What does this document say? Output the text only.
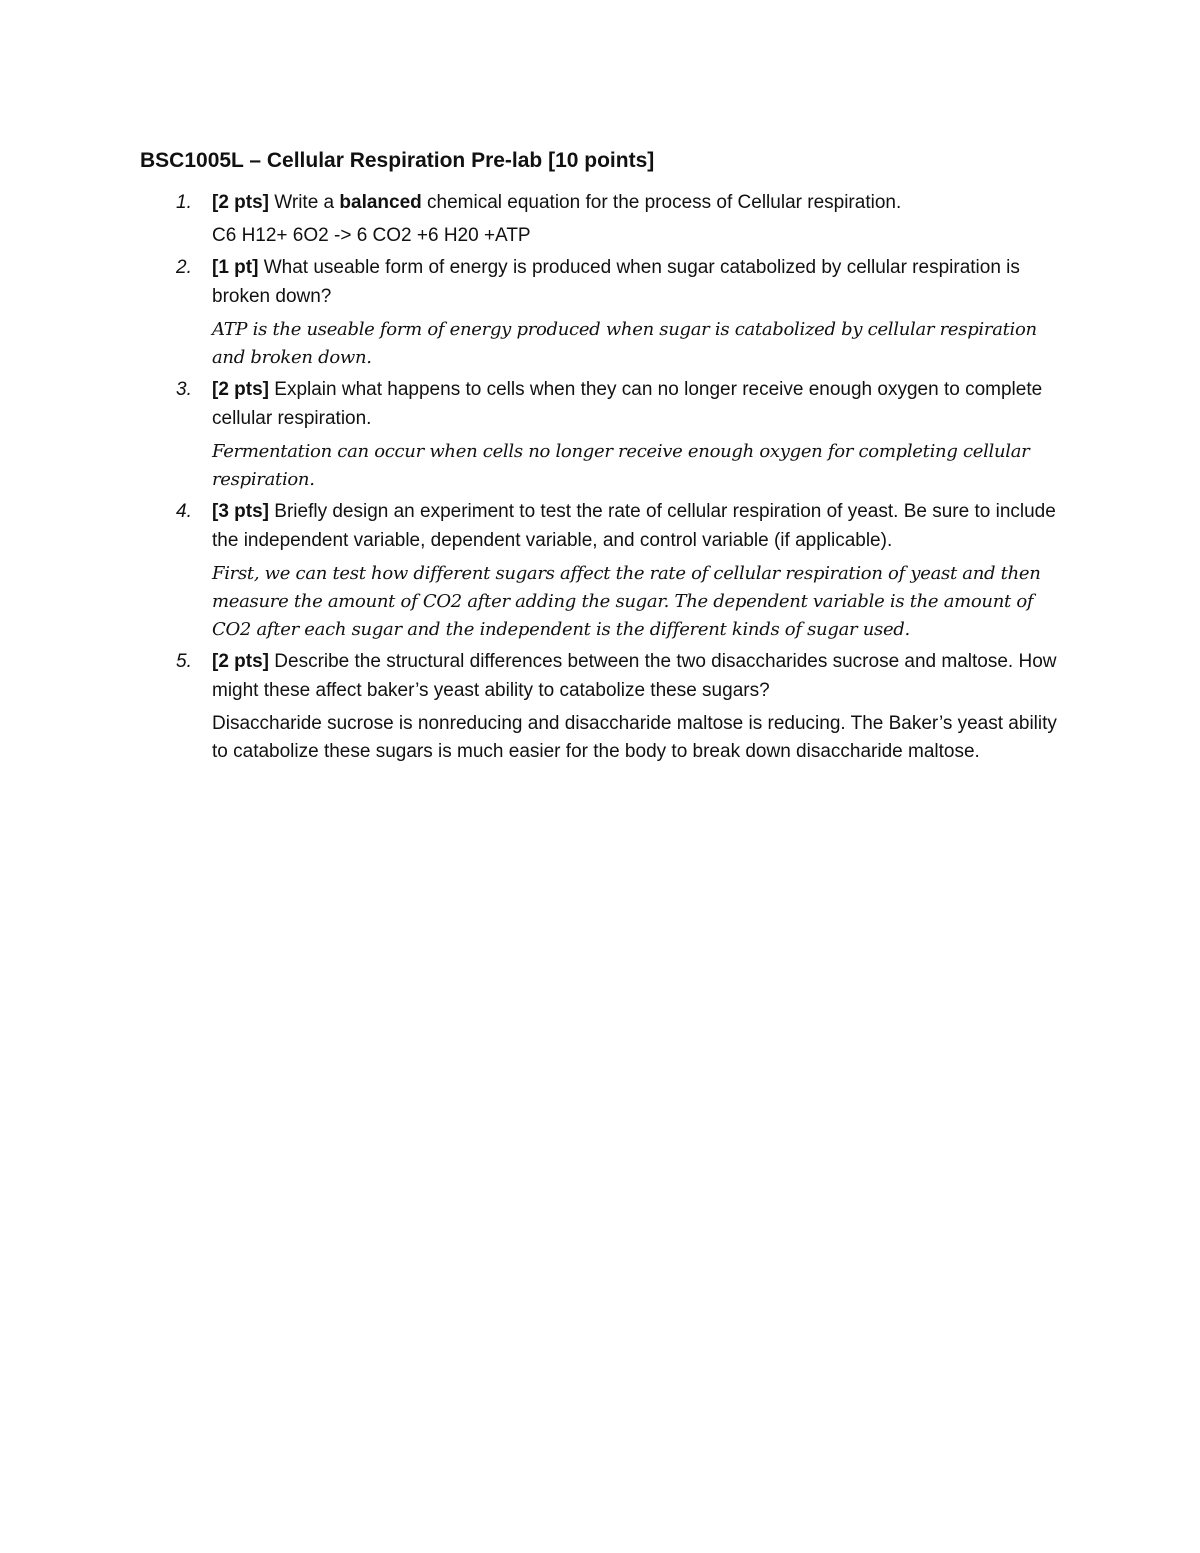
BSC1005L – Cellular Respiration Pre-lab [10 points]
1. [2 pts] Write a balanced chemical equation for the process of Cellular respiration.

C6 H12+ 6O2 -> 6 CO2 +6 H20 +ATP

2. [1 pt] What useable form of energy is produced when sugar catabolized by cellular respiration is broken down?

ATP is the useable form of energy produced when sugar is catabolized by cellular respiration and broken down.

3. [2 pts] Explain what happens to cells when they can no longer receive enough oxygen to complete cellular respiration.

Fermentation can occur when cells no longer receive enough oxygen for completing cellular respiration.

4. [3 pts] Briefly design an experiment to test the rate of cellular respiration of yeast. Be sure to include the independent variable, dependent variable, and control variable (if applicable).

First, we can test how different sugars affect the rate of cellular respiration of yeast and then measure the amount of CO2 after adding the sugar. The dependent variable is the amount of CO2 after each sugar and the independent is the different kinds of sugar used.

5. [2 pts] Describe the structural differences between the two disaccharides sucrose and maltose. How might these affect baker’s yeast ability to catabolize these sugars?

Disaccharide sucrose is nonreducing and disaccharide maltose is reducing. The Baker’s yeast ability to catabolize these sugars is much easier for the body to break down disaccharide maltose.
